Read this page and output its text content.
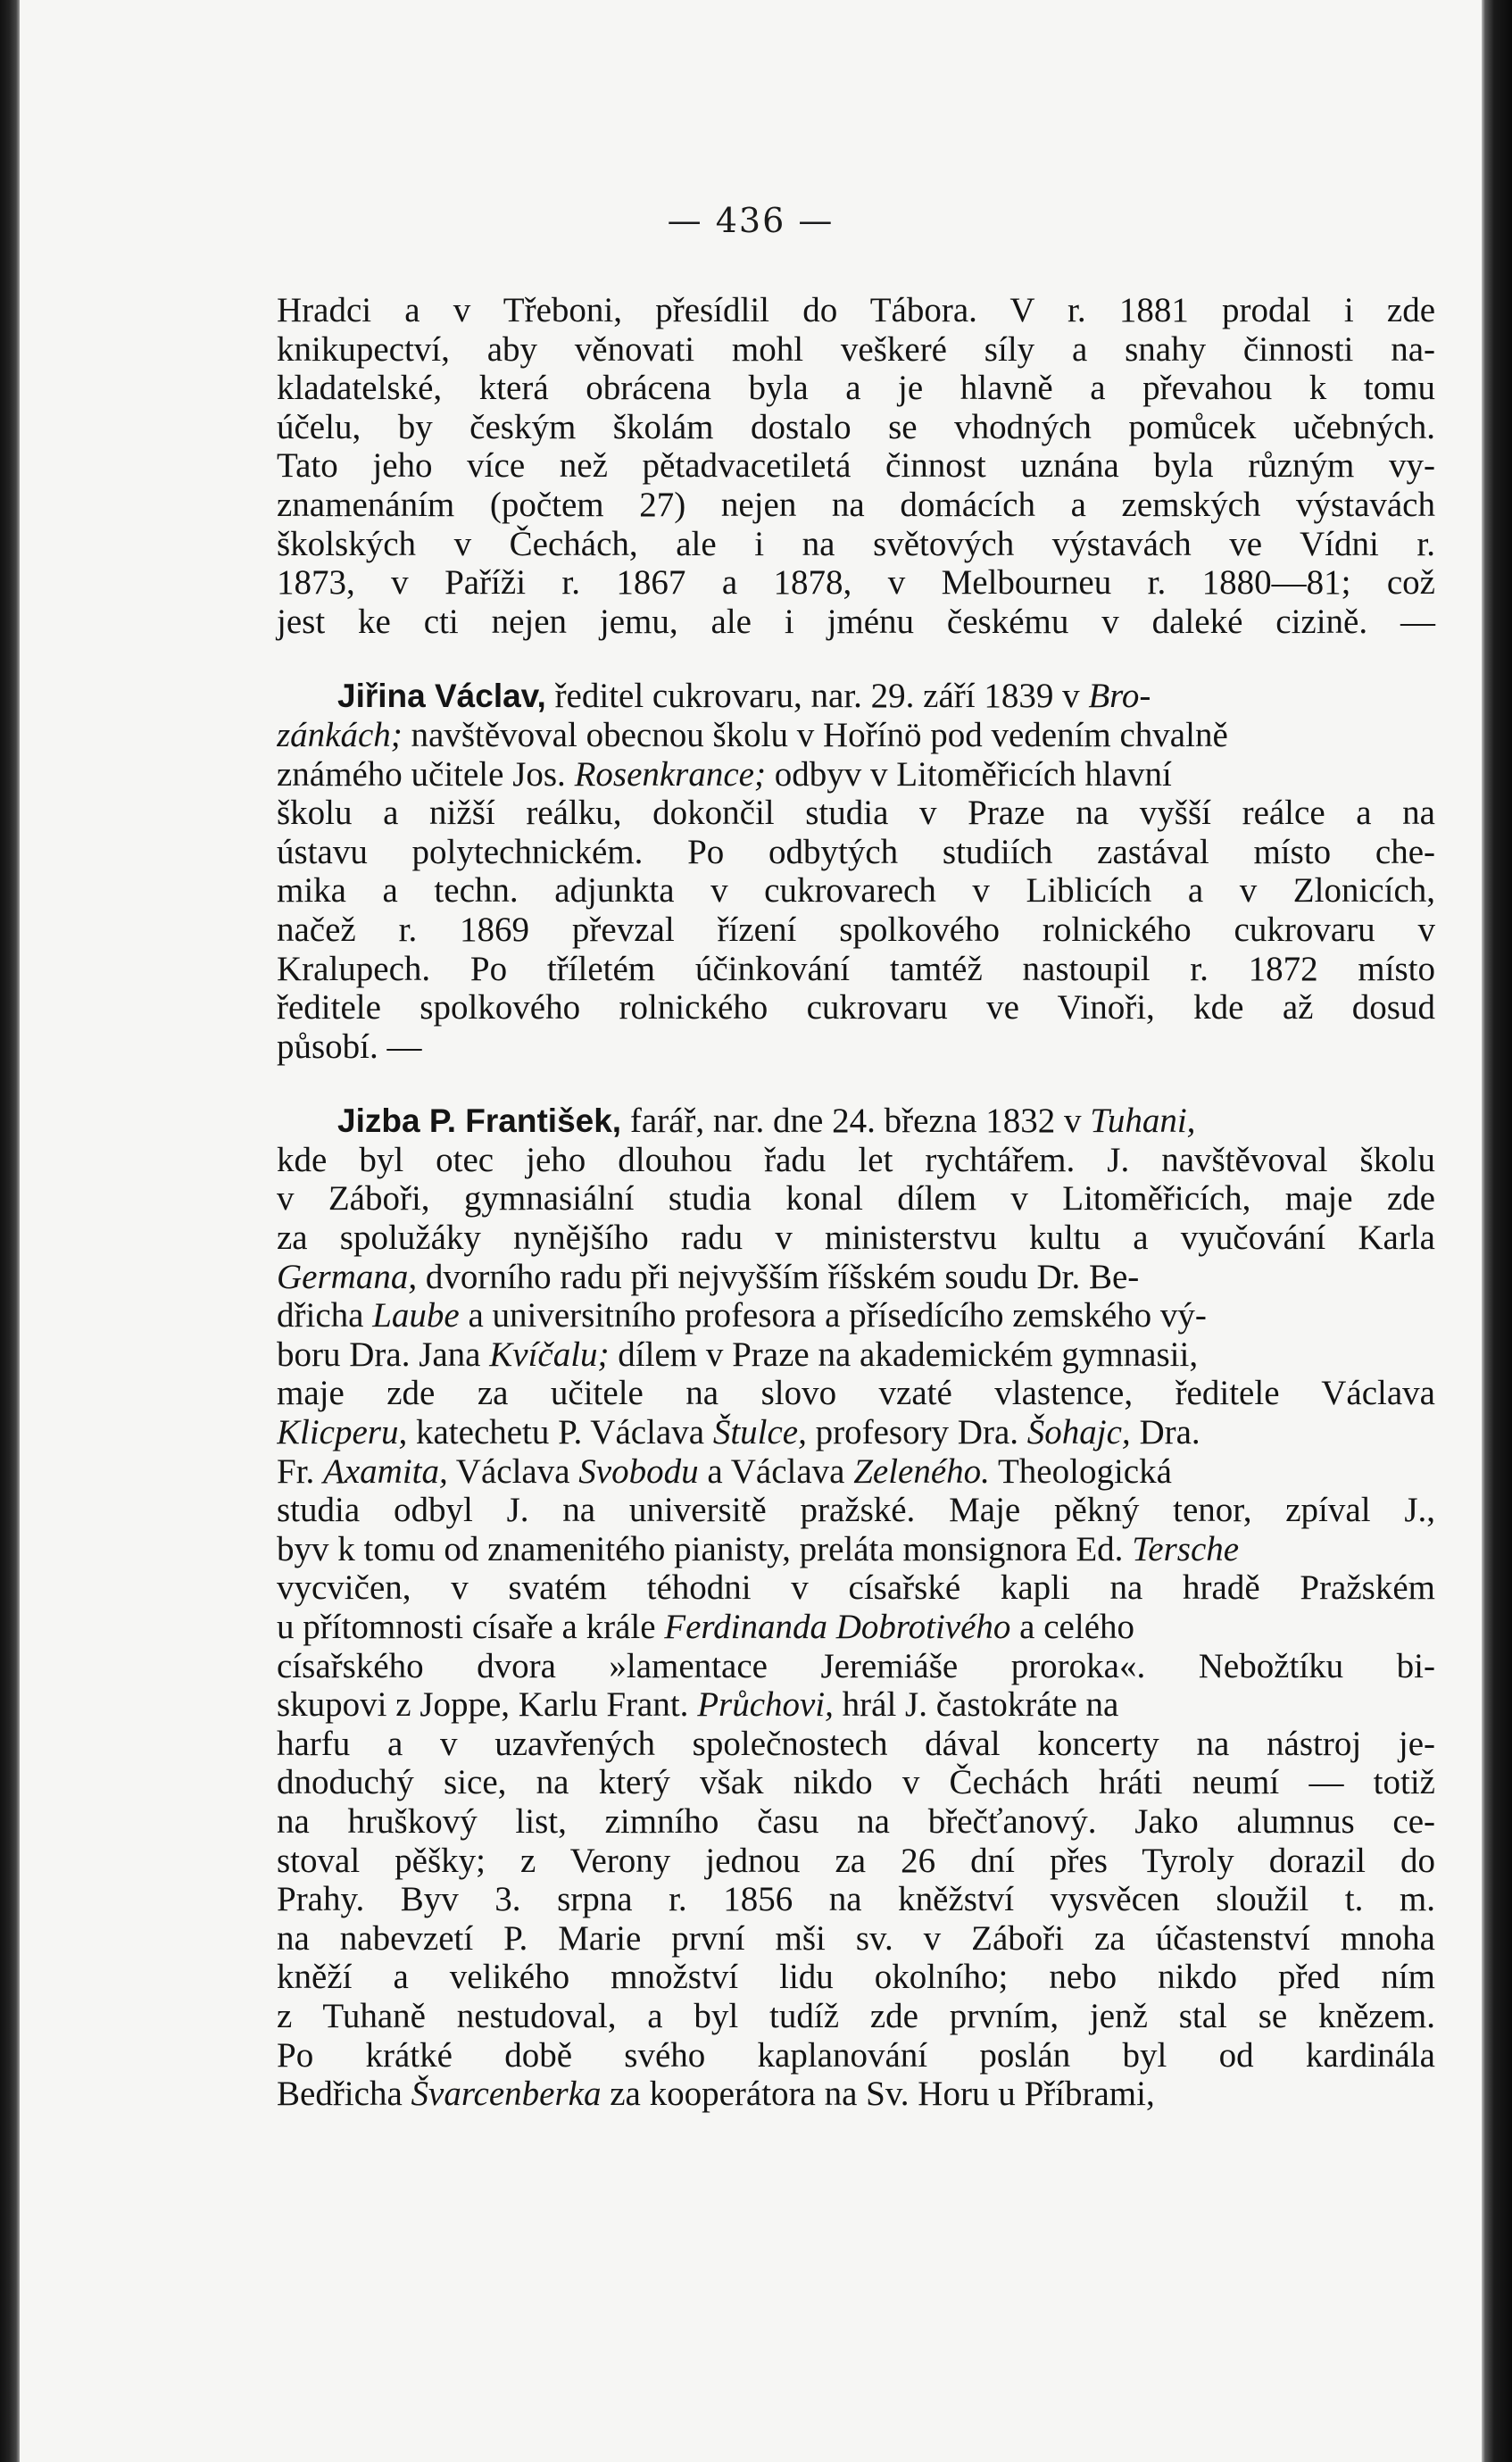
— 436 —
Hradci a v Třeboni, přesídlil do Tábora. V r. 1881 prodal i zde
knikupectví, aby věnovati mohl veškeré síly a snahy činnosti na-
kladatelské, která obrácena byla a je hlavně a převahou k tomu
účelu, by českým školám dostalo se vhodných pomůcek učebných.
Tato jeho více než pětadvacetiletá činnost uznána byla různým vy-
znamenáním (počtem 27) nejen na domácích a zemských výstavách
školských v Čechách, ale i na světových výstavách ve Vídni r.
1873, v Paříži r. 1867 a 1878, v Melbourneu r. 1880—81; což
jest ke cti nejen jemu, ale i jménu českému v daleké cizině. —
Jiřina Václav, ředitel cukrovaru, nar. 29. září 1839 v Bro-
zánkách; navštěvoval obecnou školu v Hořínö pod vedením chvalně
známého učitele Jos. Rosenkrance; odbyv v Litoměřicích hlavní
školu a nižší reálku, dokončil studia v Praze na vyšší reálce a na
ústavu polytechnickém. Po odbytých studiích zastával místo che-
mika a techn. adjunkta v cukrovarech v Liblicích a v Zlonicích,
načež r. 1869 převzal řízení spolkového rolnického cukrovaru v
Kralupech. Po tříletém účinkování tamtéž nastoupil r. 1872 místo
ředitele spolkového rolnického cukrovaru ve Vinoři, kde až dosud
působí. —
Jizba P. František, farář, nar. dne 24. března 1832 v Tuhani,
kde byl otec jeho dlouhou řadu let rychtářem. J. navštěvoval školu
v Záboři, gymnasiální studia konal dílem v Litoměřicích, maje zde
za spolužáky nynějšího radu v ministerstvu kultu a vyučování Karla
Germana, dvorního radu při nejvyšším říšském soudu Dr. Be-
dřicha Laube a universitního profesora a přísedícího zemského vý-
boru Dra. Jana Kvíčalu; dílem v Praze na akademickém gymnasii,
maje zde za učitele na slovo vzaté vlastence, ředitele Václava
Klicperu, katechetu P. Václava Štulce, profesory Dra. Šohajc, Dra.
Fr. Axamita, Václava Svobodu a Václava Zeleného. Theologická
studia odbyl J. na universitě pražské. Maje pěkný tenor, zpíval J.,
byv k tomu od znamenitého pianisty, preláta monsignora Ed. Tersche
vycvičen, v svatém téhodni v císařské kapli na hradě Pražském
u přítomnosti císaře a krále Ferdinanda Dobrotivého a celého
císařského dvora »lamentace Jeremiáše proroka«. Nebožtíku bi-
skupovi z Joppe, Karlu Frant. Průchovi, hrál J. častokráte na
harfu a v uzavřených společnostech dával koncerty na nástroj je-
dnoduchý sice, na který však nikdo v Čechách hráti neumí — totiž
na hruškový list, zimního času na břečťanový. Jako alumnus ce-
stoval pěšky; z Verony jednou za 26 dní přes Tyroly dorazil do
Prahy. Byv 3. srpna r. 1856 na kněžství vysvěcen sloužil t. m.
na nabevzetí P. Marie první mši sv. v Záboři za účastenství mnoha
kněží a velikého množství lidu okolního; nebo nikdo před ním
z Tuhaně nestudoval, a byl tudíž zde prvním, jenž stal se knězem.
Po krátké době svého kaplanování poslán byl od kardinála
Bedřicha Švarcenberka za kooperátora na Sv. Horu u Příbrami,
